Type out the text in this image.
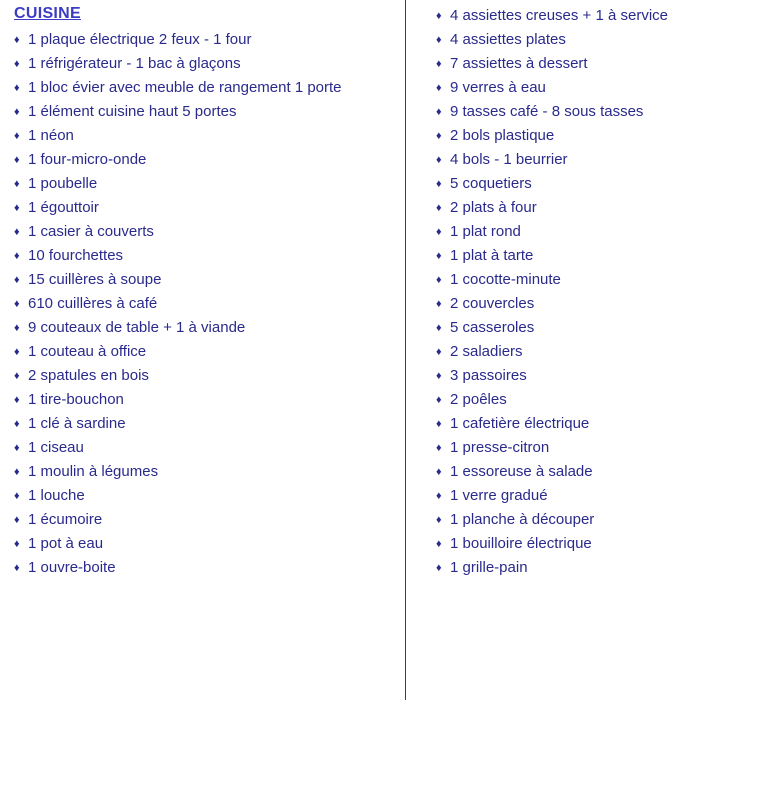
CUISINE
♦ 1 plaque électrique 2 feux - 1 four
♦ 1 réfrigérateur - 1 bac à glaçons
♦ 1 bloc évier avec meuble de rangement 1 porte
♦ 1 élément cuisine haut 5 portes
♦ 1 néon
♦ 1 four-micro-onde
♦ 1 poubelle
♦ 1 égouttoir
♦ 1 casier à couverts
♦ 10 fourchettes
♦ 15 cuillères à soupe
♦ 610 cuillères à café
♦ 9 couteaux de table + 1 à viande
♦ 1 couteau à office
♦ 2 spatules en bois
♦ 1 tire-bouchon
♦ 1 clé à sardine
♦ 1 ciseau
♦ 1 moulin à légumes
♦ 1 louche
♦ 1 écumoire
♦ 1 pot à eau
♦ 1 ouvre-boite
♦ 4 assiettes creuses + 1 à service
♦ 4 assiettes plates
♦ 7 assiettes à dessert
♦ 9 verres à eau
♦ 9 tasses café - 8 sous tasses
♦ 2 bols plastique
♦ 4 bols - 1 beurrier
♦ 5 coquetiers
♦ 2 plats à four
♦ 1 plat rond
♦ 1 plat à tarte
♦ 1 cocotte-minute
♦ 2 couvercles
♦ 5 casseroles
♦ 2 saladiers
♦ 3 passoires
♦ 2 poêles
♦ 1 cafetière électrique
♦ 1 presse-citron
♦ 1 essoreuse à salade
♦ 1 verre gradué
♦ 1 planche à découper
♦ 1 bouilloire électrique
♦ 1 grille-pain
